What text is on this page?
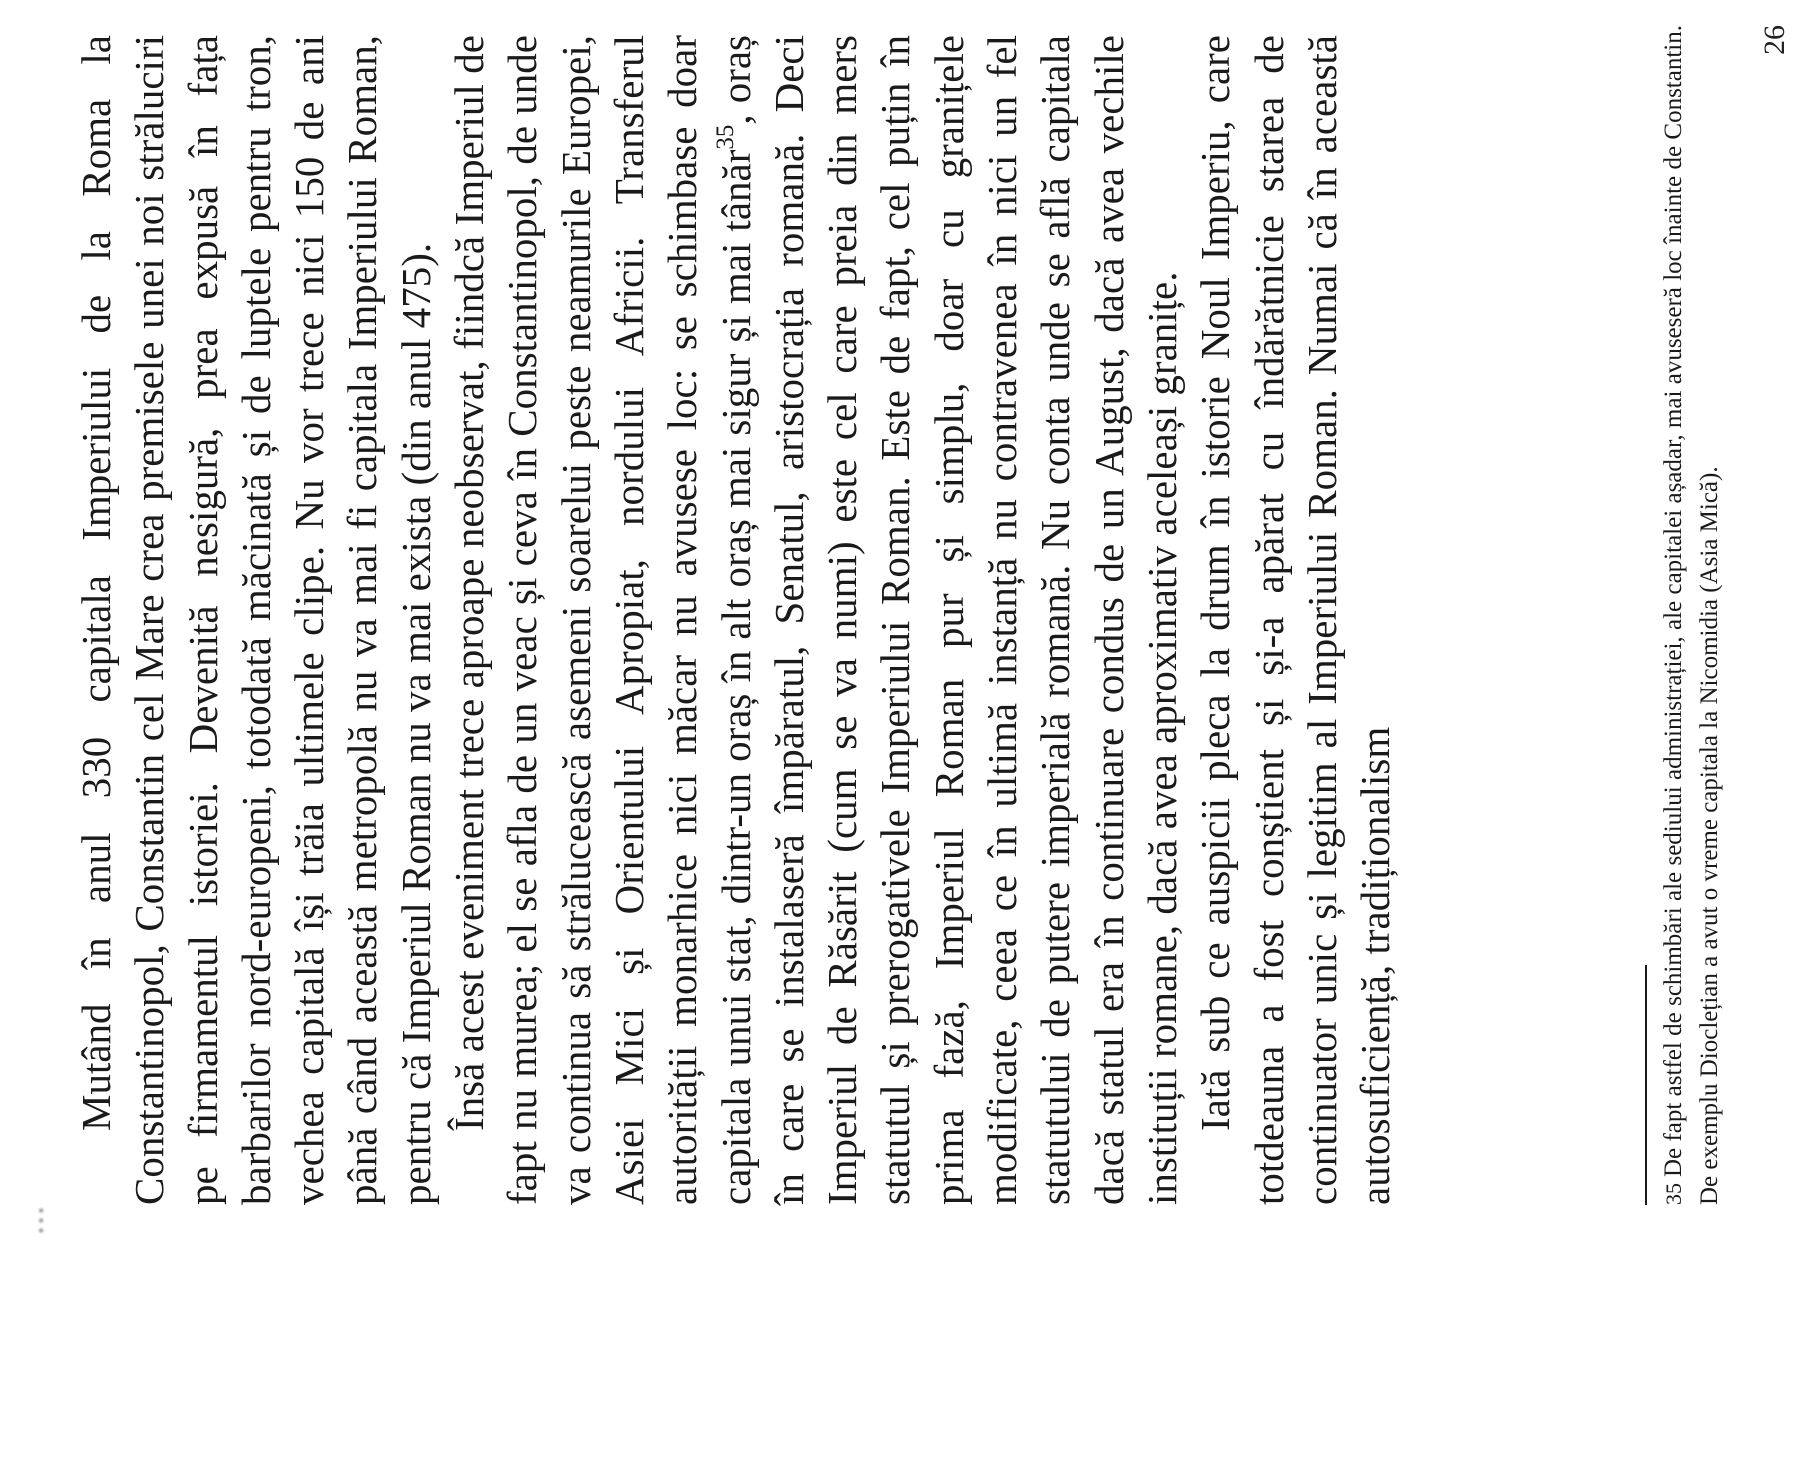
...

Mutând în anul 330 capitala Imperiului de la Roma la Constantinopol, Constantin cel Mare crea premisele unei noi străluciri pe firmamentul istoriei. Devenită nesigură, prea expusă în fața barbarilor nord-europeni, totodată măcinată și de luptele pentru tron, vechea capitală își trăia ultimele clipe. Nu vor trece nici 150 de ani până când această metropolă nu va mai fi capitala Imperiului Roman, pentru că Imperiul Roman nu va mai exista (din anul 475). Însă acest eveniment trece aproape neobservat, fiindcă Imperiul de fapt nu murea; el se afla de un veac și ceva în Constantinopol, de unde va continua să strălucească asemeni soarelui peste neamurile Europei, Asiei Mici și Orientului Apropiat, nordului Africii. Transferul autorității monarhice nici măcar nu avusese loc: se schimbase doar capitala unui stat, dintr-un oraș în alt oraș mai sigur și mai tânăr$^{35}$, oraș în care se instalaseră împăratul, Senatul, aristocrația romană. Deci Imperiul de Răsărit (cum se va numi) este cel care preia din mers statutul și prerogativele Imperiului Roman. Este de fapt, cel puțin în prima fază, Imperiul Roman pur și simplu, doar cu granițele modificate, ceea ce în ultimă instanță nu contravenea în nici un fel statutului de putere imperială romană. Nu conta unde se află capitala dacă statul era în continuare condus de un August, dacă avea vechile instituții romane, dacă avea aproximativ aceleași granițe. Iată sub ce auspicii pleca la drum în istorie Noul Imperiu, care totdeauna a fost conștient și și-a apărat cu îndărătnicie starea de continuator unic și legitim al Imperiului Roman. Numai că în această autosuficiență, tradiționalism	35De fapt astfel de schimbări ale sediului administrației, ale capitalei așadar, mai avuseseră loc înainte de Constantin. De exemplu Dioclețian a avut o vreme capitala la Nicomidia (Asia Mică).
26
